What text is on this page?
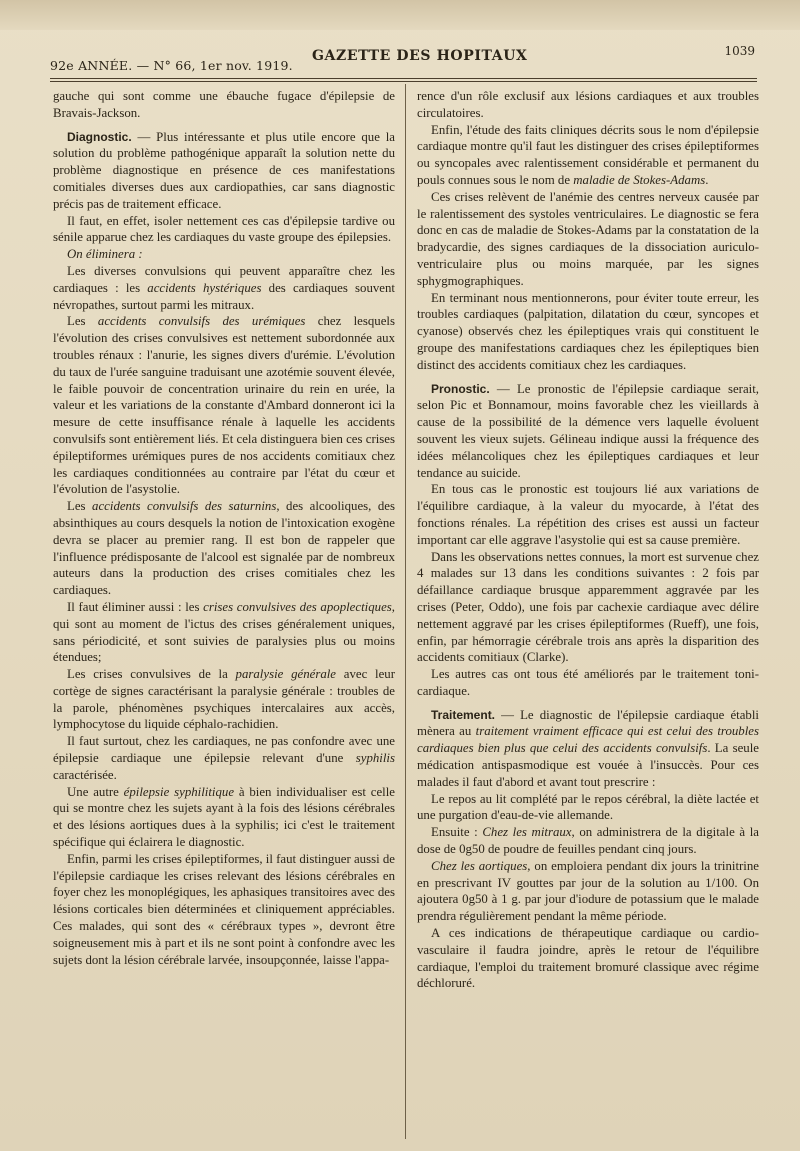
92e ANNÉE. — N° 66, 1er nov. 1919.
GAZETTE DES HOPITAUX	1039

gauche qui sont comme une ébauche fugace d'épilepsie de Bravais-Jackson.

Diagnostic. — Plus intéressante et plus utile encore que la solution du problème pathogénique apparaît la solution nette du problème diagnostique en présence de ces manifestations comitiales diverses dues aux cardiopathies, car sans diagnostic précis pas de traitement efficace.

Il faut, en effet, isoler nettement ces cas d'épilepsie tardive ou sénile apparue chez les cardiaques du vaste groupe des épilepsies.

On éliminera :

Les diverses convulsions qui peuvent apparaître chez les cardiaques : les accidents hystériques des cardiaques souvent névropathes, surtout parmi les mitraux.

Les accidents convulsifs des urémiques chez lesquels l'évolution des crises convulsives est nettement subordonnée aux troubles rénaux : l'anurie, les signes divers d'urémie. L'évolution du taux de l'urée sanguine traduisant une azotémie souvent élevée, le faible pouvoir de concentration urinaire du rein en urée, la valeur et les variations de la constante d'Ambard donneront ici la mesure de cette insuffisance rénale à laquelle les accidents convulsifs sont entièrement liés. Et cela distinguera bien ces crises épileptiformes urémiques pures de nos accidents comitiaux chez les cardiaques conditionnées au contraire par l'état du cœur et l'évolution de l'asystolie.

Les accidents convulsifs des saturnins, des alcooliques, des absinthiques au cours desquels la notion de l'intoxication exogène devra se placer au premier rang. Il est bon de rappeler que l'influence prédisposante de l'alcool est signalée par de nombreux auteurs dans la production des crises comitiales chez les cardiaques.

Il faut éliminer aussi : les crises convulsives des apoplectiques, qui sont au moment de l'ictus des crises généralement uniques, sans périodicité, et sont suivies de paralysies plus ou moins étendues;

Les crises convulsives de la paralysie générale avec leur cortège de signes caractérisant la paralysie générale : troubles de la parole, phénomènes psychiques intercalaires aux accès, lymphocytose du liquide céphalo-rachidien.

Il faut surtout, chez les cardiaques, ne pas confondre avec une épilepsie cardiaque une épilepsie relevant d'une syphilis caractérisée.

Une autre épilepsie syphilitique à bien individualiser est celle qui se montre chez les sujets ayant à la fois des lésions cérébrales et des lésions aortiques dues à la syphilis; ici c'est le traitement spécifique qui éclairera le diagnostic.

Enfin, parmi les crises épileptiformes, il faut distinguer aussi de l'épilepsie cardiaque les crises relevant des lésions cérébrales en foyer chez les monoplégiques, les aphasiques transitoires avec des lésions corticales bien déterminées et cliniquement appréciables. Ces malades, qui sont des « cérébraux types », devront être soigneusement mis à part et ils ne sont point à confondre avec les sujets dont la lésion cérébrale larvée, insoupçonnée, laisse l'appa-

rence d'un rôle exclusif aux lésions cardiaques et aux troubles circulatoires.

Enfin, l'étude des faits cliniques décrits sous le nom d'épilepsie cardiaque montre qu'il faut les distinguer des crises épileptiformes ou syncopales avec ralentissement considérable et permanent du pouls connues sous le nom de maladie de Stokes-Adams.

Ces crises relèvent de l'anémie des centres nerveux causée par le ralentissement des systoles ventriculaires. Le diagnostic se fera donc en cas de maladie de Stokes-Adams par la constatation de la bradycardie, des signes cardiaques de la dissociation auriculo-ventriculaire plus ou moins marquée, par les signes sphygmographiques.

En terminant nous mentionnerons, pour éviter toute erreur, les troubles cardiaques (palpitation, dilatation du cœur, syncopes et cyanose) observés chez les épileptiques vrais qui constituent le groupe des manifestations cardiaques chez les épileptiques bien distinct des accidents comitiaux chez les cardiaques.

Pronostic. — Le pronostic de l'épilepsie cardiaque serait, selon Pic et Bonnamour, moins favorable chez les vieillards à cause de la possibilité de la démence vers laquelle évoluent souvent les vieux sujets. Gélineau indique aussi la fréquence des idées mélancoliques chez les épileptiques cardiaques et leur tendance au suicide.

En tous cas le pronostic est toujours lié aux variations de l'équilibre cardiaque, à la valeur du myocarde, à l'état des fonctions rénales. La répétition des crises est aussi un facteur important car elle aggrave l'asystolie qui est sa cause première.

Dans les observations nettes connues, la mort est survenue chez 4 malades sur 13 dans les conditions suivantes : 2 fois par défaillance cardiaque brusque apparemment aggravée par les crises (Peter, Oddo), une fois par cachexie cardiaque avec délire nettement aggravé par les crises épileptiformes (Rueff), une fois, enfin, par hémorragie cérébrale trois ans après la disparition des accidents comitiaux (Clarke).

Les autres cas ont tous été améliorés par le traitement toni-cardiaque.

Traitement. — Le diagnostic de l'épilepsie cardiaque établi mènera au traitement vraiment efficace qui est celui des troubles cardiaques bien plus que celui des accidents convulsifs. La seule médication antispasmodique est vouée à l'insuccès. Pour ces malades il faut d'abord et avant tout prescrire :

Le repos au lit complété par le repos cérébral, la diète lactée et une purgation d'eau-de-vie allemande.

Ensuite : Chez les mitraux, on administrera de la digitale à la dose de 0g50 de poudre de feuilles pendant cinq jours.

Chez les aortiques, on emploiera pendant dix jours la trinitrine en prescrivant IV gouttes par jour de la solution au 1/100. On ajoutera 0g50 à 1 g. par jour d'iodure de potassium que le malade prendra régulièrement pendant la même période.

A ces indications de thérapeutique cardiaque ou cardio-vasculaire il faudra joindre, après le retour de l'équilibre cardiaque, l'emploi du traitement bromuré classique avec régime déchloruré.
